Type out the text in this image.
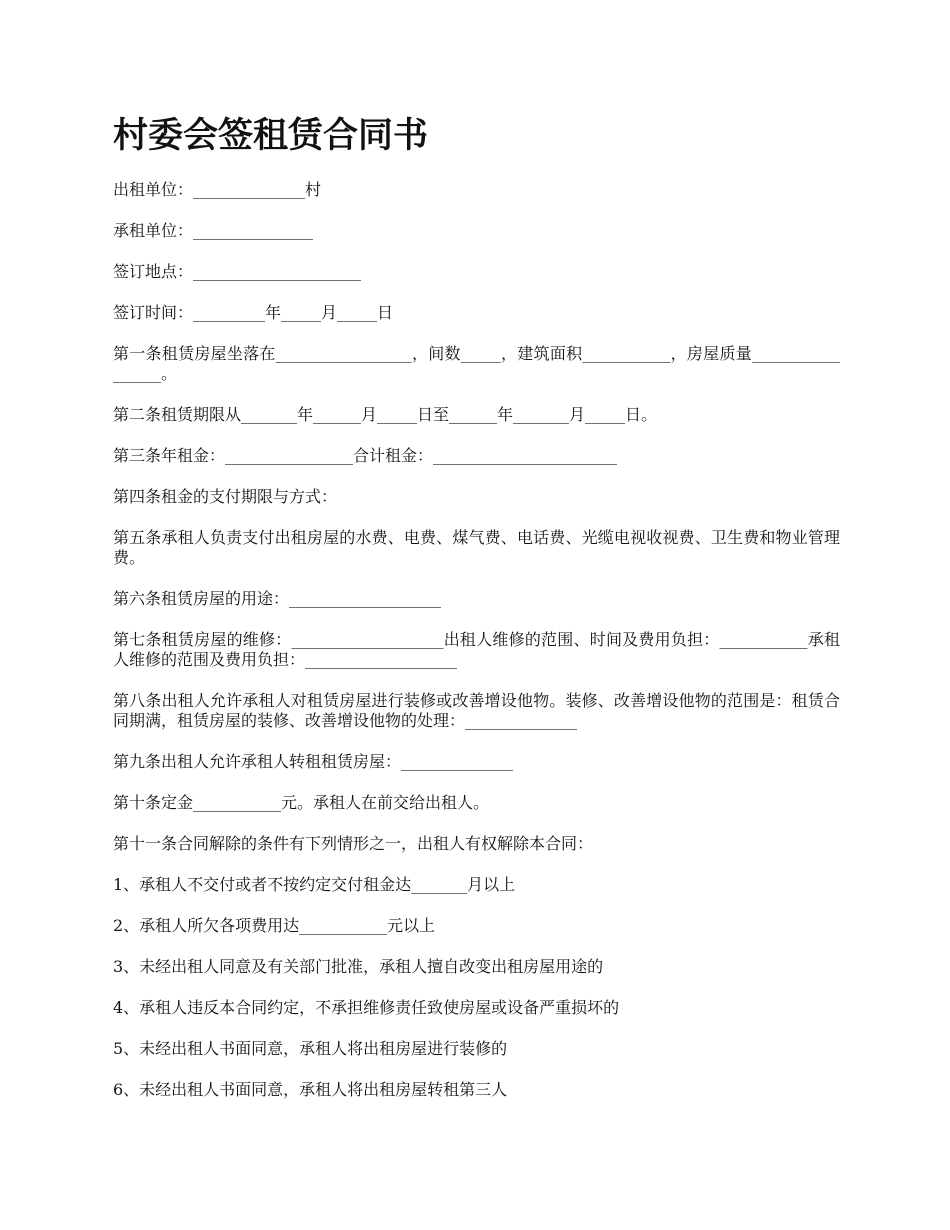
村委会签租赁合同书

出租单位：______________村

承租单位：_______________

签订地点：_____________________

签订时间：_________年_____月_____日

第一条租赁房屋坐落在_________________，间数_____，建筑面积___________，房屋质量_________________。

第二条租赁期限从_______年______月_____日至______年_______月_____日。

第三条年租金：________________合计租金：_______________________

第四条租金的支付期限与方式：

第五条承租人负责支付出租房屋的水费、电费、煤气费、电话费、光缆电视收视费、卫生费和物业管理费。

第六条租赁房屋的用途：___________________

第七条租赁房屋的维修：___________________出租人维修的范围、时间及费用负担：___________承租人维修的范围及费用负担：___________________

第八条出租人允许承租人对租赁房屋进行装修或改善增设他物。装修、改善增设他物的范围是：租赁合同期满，租赁房屋的装修、改善增设他物的处理：______________

第九条出租人允许承租人转租租赁房屋：______________

第十条定金___________元。承租人在前交给出租人。

第十一条合同解除的条件有下列情形之一，出租人有权解除本合同：

1、承租人不交付或者不按约定交付租金达_______月以上

2、承租人所欠各项费用达___________元以上

3、未经出租人同意及有关部门批准，承租人擅自改变出租房屋用途的

4、承租人违反本合同约定，不承担维修责任致使房屋或设备严重损坏的

5、未经出租人书面同意，承租人将出租房屋进行装修的

6、未经出租人书面同意，承租人将出租房屋转租第三人
